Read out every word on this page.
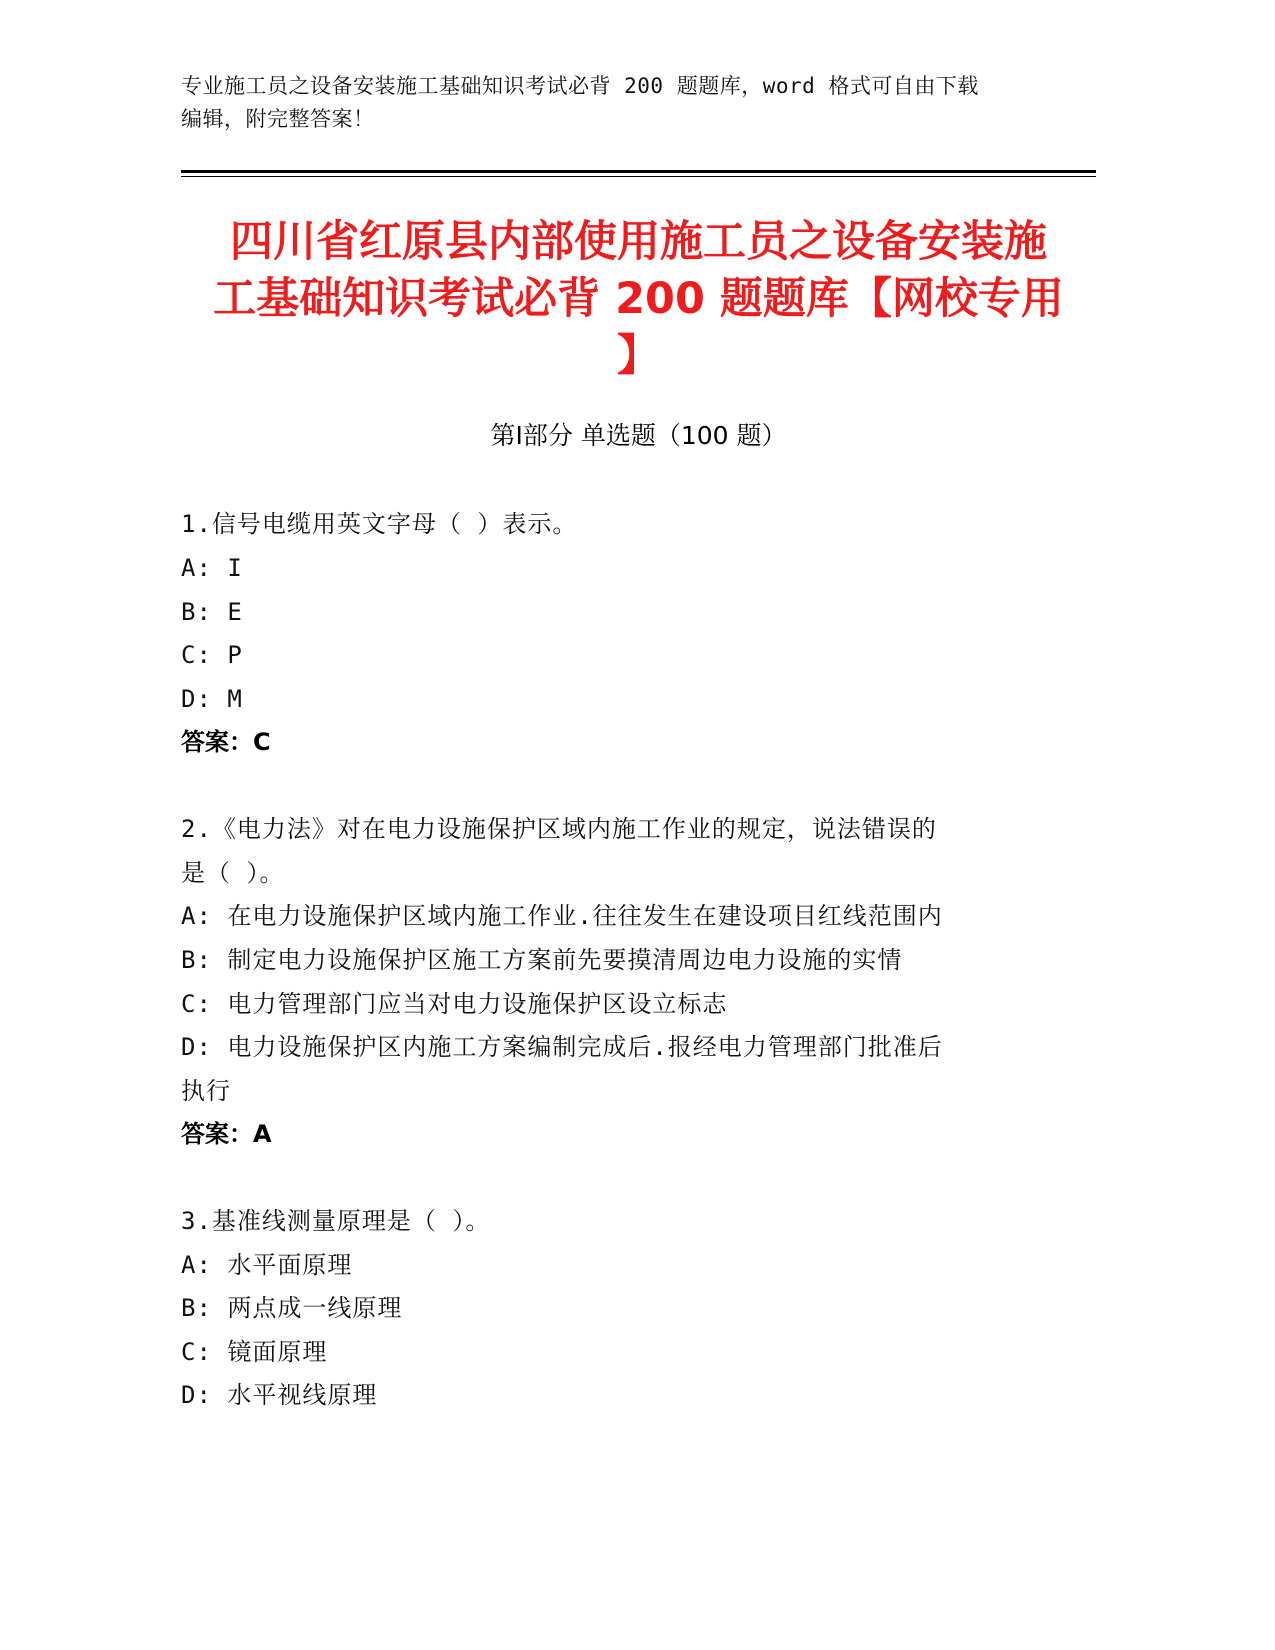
专业施工员之设备安装施工基础知识考试必背 200 题题库，word 格式可自由下载
编辑，附完整答案！
四川省红原县内部使用施工员之设备安装施
工基础知识考试必背 200 题题库【网校专用
】
第Ⅰ部分 单选题（100 题）
1.信号电缆用英文字母（ ）表示。
A: I
B: E
C: P
D: M
答案：C
2.《电力法》对在电力设施保护区域内施工作业的规定，说法错误的
是（ ）。
A: 在电力设施保护区域内施工作业.往往发生在建设项目红线范围内
B: 制定电力设施保护区施工方案前先要摸清周边电力设施的实情
C: 电力管理部门应当对电力设施保护区设立标志
D: 电力设施保护区内施工方案编制完成后.报经电力管理部门批准后
执行
答案：A
3.基准线测量原理是（ ）。
A: 水平面原理
B: 两点成一线原理
C: 镜面原理
D: 水平视线原理
